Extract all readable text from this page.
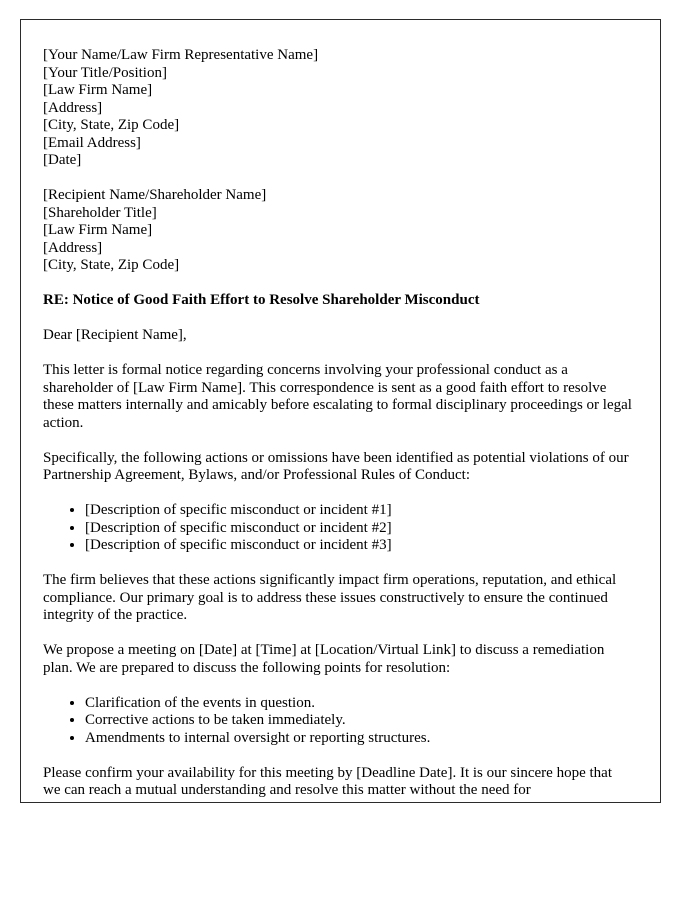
[Your Name/Law Firm Representative Name]
[Your Title/Position]
[Law Firm Name]
[Address]
[City, State, Zip Code]
[Email Address]
[Date]
[Recipient Name/Shareholder Name]
[Shareholder Title]
[Law Firm Name]
[Address]
[City, State, Zip Code]
RE: Notice of Good Faith Effort to Resolve Shareholder Misconduct
Dear [Recipient Name],

This letter is formal notice regarding concerns involving your professional conduct as a shareholder of [Law Firm Name]. This correspondence is sent as a good faith effort to resolve these matters internally and amicably before escalating to formal disciplinary proceedings or legal action.

Specifically, the following actions or omissions have been identified as potential violations of our Partnership Agreement, Bylaws, and/or Professional Rules of Conduct:

• [Description of specific misconduct or incident #1]
• [Description of specific misconduct or incident #2]
• [Description of specific misconduct or incident #3]

The firm believes that these actions significantly impact firm operations, reputation, and ethical compliance. Our primary goal is to address these issues constructively to ensure the continued integrity of the practice.

We propose a meeting on [Date] at [Time] at [Location/Virtual Link] to discuss a remediation plan. We are prepared to discuss the following points for resolution:

• Clarification of the events in question.
• Corrective actions to be taken immediately.
• Amendments to internal oversight or reporting structures.

Please confirm your availability for this meeting by [Deadline Date]. It is our sincere hope that we can reach a mutual understanding and resolve this matter without the need for
